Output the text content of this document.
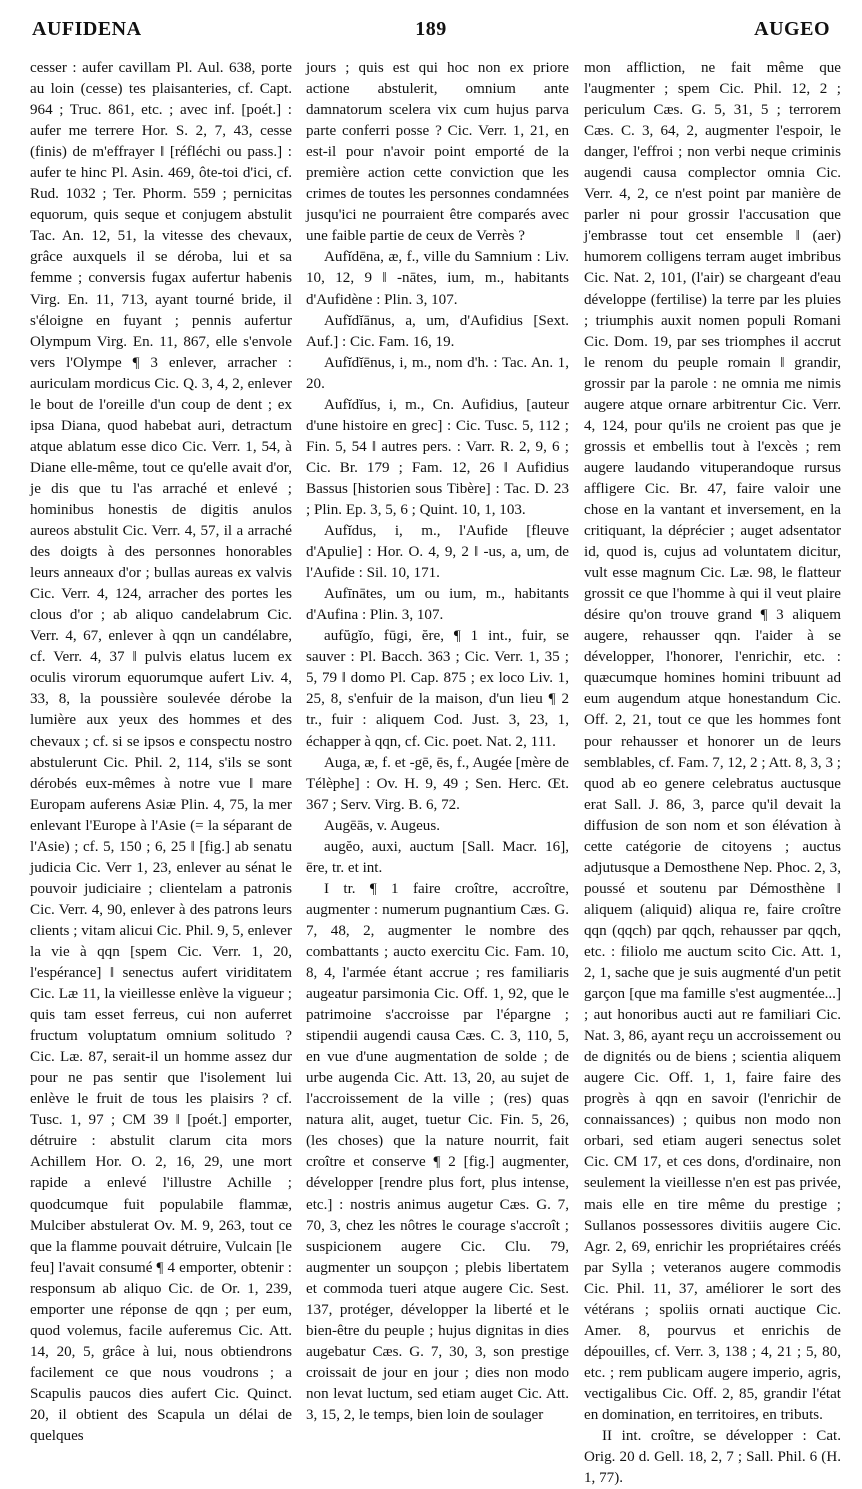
AUFIDENA	189	AUGEO

cesser : aufer cavillam Pl. Aul. 638, porte au loin (cesse) tes plaisanteries, cf. Capt. 964 ; Truc. 861, etc. ; avec inf. [poét.] : aufer me terrere Hor. S. 2, 7, 43, cesse (finis) de m'effrayer ‖ [réfléchi ou pass.] : aufer te hinc Pl. Asin. 469, ôte-toi d'ici, cf. Rud. 1032 ; Ter. Phorm. 559 ; pernicitas equorum, quis seque et conjugem abstulit Tac. An. 12, 51, la vitesse des chevaux, grâce auxquels il se déroba, lui et sa femme ; conversis fugax aufertur habenis Virg. En. 11, 713, ayant tourné bride, il s'éloigne en fuyant ; pennis aufertur Olympum Virg. En. 11, 867, elle s'envole vers l'Olympe ¶ 3 enlever, arracher : auriculam mordicus Cic. Q. 3, 4, 2, enlever le bout de l'oreille d'un coup de dent ; ex ipsa Diana, quod habebat auri, detractum atque ablatum esse dico Cic. Verr. 1, 54, à Diane elle-même, tout ce qu'elle avait d'or, je dis que tu l'as arraché et enlevé ; hominibus honestis de digitis anulos aureos abstulit Cic. Verr. 4, 57, il a arraché des doigts à des personnes honorables leurs anneaux d'or ; bullas aureas ex valvis Cic. Verr. 4, 124, arracher des portes les clous d'or ; ab aliquo candelabrum Cic. Verr. 4, 67, enlever à qqn un candélabre, cf. Verr. 4, 37 ‖ pulvis elatus lucem ex oculis virorum equorumque aufert Liv. 4, 33, 8, la poussière soulevée dérobe la lumière aux yeux des hommes et des chevaux ; cf. si se ipsos e conspectu nostro abstulerunt Cic. Phil. 2, 114, s'ils se sont dérobés eux-mêmes à notre vue ‖ mare Europam auferens Asiæ Plin. 4, 75, la mer enlevant l'Europe à l'Asie (= la séparant de l'Asie) ; cf. 5, 150 ; 6, 25 ‖ [fig.] ab senatu judicia Cic. Verr 1, 23, enlever au sénat le pouvoir judiciaire ; clientelam a patronis Cic. Verr. 4, 90, enlever à des patrons leurs clients ; vitam alicui Cic. Phil. 9, 5, enlever la vie à qqn [spem Cic. Verr. 1, 20, l'espérance] ‖ senectus aufert viriditatem Cic. Læ 11, la vieillesse enlève la vigueur ; quis tam esset ferreus, cui non auferret fructum voluptatum omnium solitudo ? Cic. Læ. 87, serait-il un homme assez dur pour ne pas sentir que l'isolement lui enlève le fruit de tous les plaisirs ? cf. Tusc. 1, 97 ; CM 39 ‖ [poét.] emporter, détruire : abstulit clarum cita mors Achillem Hor. O. 2, 16, 29, une mort rapide a enlevé l'illustre Achille ; quodcumque fuit populabile flammæ, Mulciber abstulerat Ov. M. 9, 263, tout ce que la flamme pouvait détruire, Vulcain [le feu] l'avait consumé ¶ 4 emporter, obtenir : responsum ab aliquo Cic. de Or. 1, 239, emporter une réponse de qqn ; per eum, quod volemus, facile auferemus Cic. Att. 14, 20, 5, grâce à lui, nous obtiendrons facilement ce que nous voudrons ; a Scapulis paucos dies aufert Cic. Quinct. 20, il obtient des Scapula un délai de quelques

jours ; quis est qui hoc non ex priore actione abstulerit, omnium ante damnatorum scelera vix cum hujus parva parte conferri posse ? Cic. Verr. 1, 21, en est-il pour n'avoir point emporté de la première action cette conviction que les crimes de toutes les personnes condamnées jusqu'ici ne pourraient être comparés avec une faible partie de ceux de Verrès ?

Aufĭdēna, æ, f., ville du Samnium : Liv. 10, 12, 9 ‖ -nātes, ium, m., habitants d'Aufidène : Plin. 3, 107.

Aufĭdĭānus, a, um, d'Aufidius [Sext. Auf.] : Cic. Fam. 16, 19.

Aufĭdĭēnus, i, m., nom d'h. : Tac. An. 1, 20.

Aufĭdĭus, i, m., Cn. Aufidius, [auteur d'une histoire en grec] : Cic. Tusc. 5, 112 ; Fin. 5, 54 ‖ autres pers. : Varr. R. 2, 9, 6 ; Cic. Br. 179 ; Fam. 12, 26 ‖ Aufidius Bassus [historien sous Tibère] : Tac. D. 23 ; Plin. Ep. 3, 5, 6 ; Quint. 10, 1, 103.

Aufĭdus, i, m., l'Aufide [fleuve d'Apulie] : Hor. O. 4, 9, 2 ‖ -us, a, um, de l'Aufide : Sil. 10, 171.

Aufīnātes, um ou ium, m., habitants d'Aufina : Plin. 3, 107.

aufŭgĭo, fūgi, ĕre, ¶ 1 int., fuir, se sauver : Pl. Bacch. 363 ; Cic. Verr. 1, 35 ; 5, 79 ‖ domo Pl. Cap. 875 ; ex loco Liv. 1, 25, 8, s'enfuir de la maison, d'un lieu ¶ 2 tr., fuir : aliquem Cod. Just. 3, 23, 1, échapper à qqn, cf. Cic. poet. Nat. 2, 111.

Auga, æ, f. et -gē, ēs, f., Augée [mère de Télèphe] : Ov. H. 9, 49 ; Sen. Herc. Œt. 367 ; Serv. Virg. B. 6, 72.

Augēās, v. Augeus.

augĕo, auxi, auctum [Sall. Macr. 16], ēre, tr. et int.

I tr. ¶ 1 faire croître, accroître, augmenter : numerum pugnantium Cæs. G. 7, 48, 2, augmenter le nombre des combattants ; aucto exercitu Cic. Fam. 10, 8, 4, l'armée étant accrue ; res familiaris augeatur parsimonia Cic. Off. 1, 92, que le patrimoine s'accroisse par l'épargne ; stipendii augendi causa Cæs. C. 3, 110, 5, en vue d'une augmentation de solde ; de urbe augenda Cic. Att. 13, 20, au sujet de l'accroissement de la ville ; (res) quas natura alit, auget, tuetur Cic. Fin. 5, 26, (les choses) que la nature nourrit, fait croître et conserve ¶ 2 [fig.] augmenter, développer [rendre plus fort, plus intense, etc.] : nostris animus augetur Cæs. G. 7, 70, 3, chez les nôtres le courage s'accroît ; suspicionem augere Cic. Clu. 79, augmenter un soupçon ; plebis libertatem et commoda tueri atque augere Cic. Sest. 137, protéger, développer la liberté et le bien-être du peuple ; hujus dignitas in dies augebatur Cæs. G. 7, 30, 3, son prestige croissait de jour en jour ; dies non modo non levat luctum, sed etiam auget Cic. Att. 3, 15, 2, le temps, bien loin de soulager

mon affliction, ne fait même que l'augmenter ; spem Cic. Phil. 12, 2 ; periculum Cæs. G. 5, 31, 5 ; terrorem Cæs. C. 3, 64, 2, augmenter l'espoir, le danger, l'effroi ; non verbi neque criminis augendi causa complector omnia Cic. Verr. 4, 2, ce n'est point par manière de parler ni pour grossir l'accusation que j'embrasse tout cet ensemble ‖ (aer) humorem colligens terram auget imbribus Cic. Nat. 2, 101, (l'air) se chargeant d'eau développe (fertilise) la terre par les pluies ; triumphis auxit nomen populi Romani Cic. Dom. 19, par ses triomphes il accrut le renom du peuple romain ‖ grandir, grossir par la parole : ne omnia me nimis augere atque ornare arbitrentur Cic. Verr. 4, 124, pour qu'ils ne croient pas que je grossis et embellis tout à l'excès ; rem augere laudando vituperandoque rursus affligere Cic. Br. 47, faire valoir une chose en la vantant et inversement, en la critiquant, la déprécier ; auget adsentator id, quod is, cujus ad voluntatem dicitur, vult esse magnum Cic. Læ. 98, le flatteur grossit ce que l'homme à qui il veut plaire désire qu'on trouve grand ¶ 3 aliquem augere, rehausser qqn. l'aider à se développer, l'honorer, l'enrichir, etc. : quæcumque homines homini tribuunt ad eum augendum atque honestandum Cic. Off. 2, 21, tout ce que les hommes font pour rehausser et honorer un de leurs semblables, cf. Fam. 7, 12, 2 ; Att. 8, 3, 3 ; quod ab eo genere celebratus auctusque erat Sall. J. 86, 3, parce qu'il devait la diffusion de son nom et son élévation à cette catégorie de citoyens ; auctus adjutusque a Demosthene Nep. Phoc. 2, 3, poussé et soutenu par Démosthène ‖ aliquem (aliquid) aliqua re, faire croître qqn (qqch) par qqch, rehausser par qqch, etc. : filiolo me auctum scito Cic. Att. 1, 2, 1, sache que je suis augmenté d'un petit garçon [que ma famille s'est augmentée...] ; aut honoribus aucti aut re familiari Cic. Nat. 3, 86, ayant reçu un accroissement ou de dignités ou de biens ; scientia aliquem augere Cic. Off. 1, 1, faire faire des progrès à qqn en savoir (l'enrichir de connaissances) ; quibus non modo non orbari, sed etiam augeri senectus solet Cic. CM 17, et ces dons, d'ordinaire, non seulement la vieillesse n'en est pas privée, mais elle en tire même du prestige ; Sullanos possessores divitiis augere Cic. Agr. 2, 69, enrichir les propriétaires créés par Sylla ; veteranos augere commodis Cic. Phil. 11, 37, améliorer le sort des vétérans ; spoliis ornati auctique Cic. Amer. 8, pourvus et enrichis de dépouilles, cf. Verr. 3, 138 ; 4, 21 ; 5, 80, etc. ; rem publicam augere imperio, agris, vectigalibus Cic. Off. 2, 85, grandir l'état en domination, en territoires, en tributs.

II int. croître, se développer : Cat. Orig. 20 d. Gell. 18, 2, 7 ; Sall. Phil. 6 (H. 1, 77).
